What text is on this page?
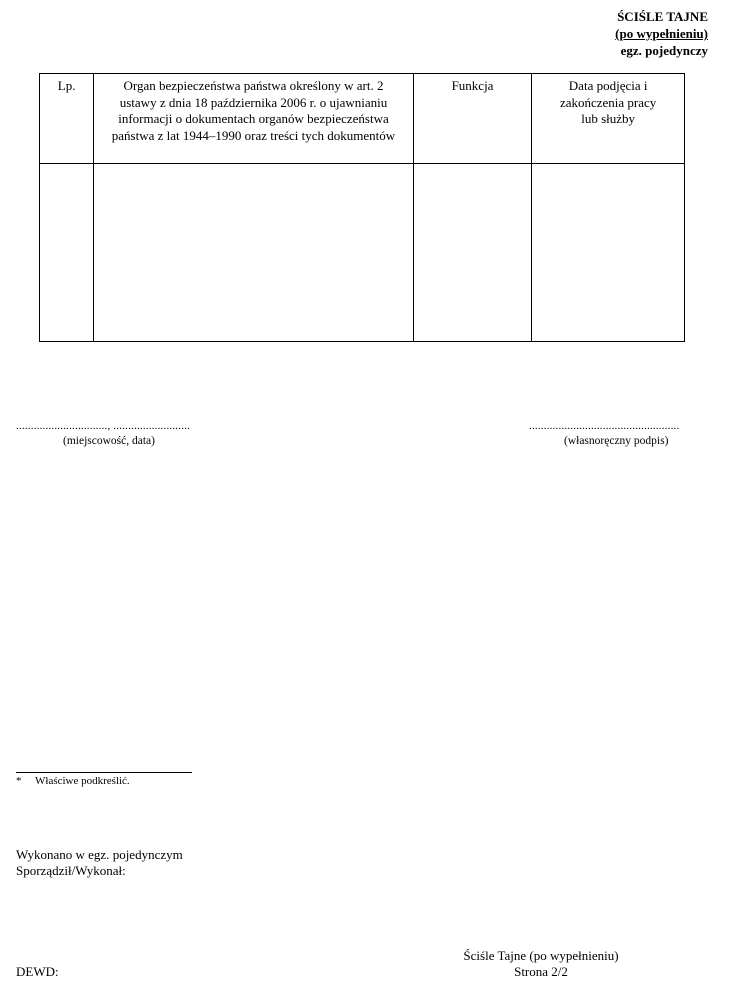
ŚCIŚLE TAJNE
(po wypełnieniu)
egz. pojedynczy
Lp.	Organ bezpieczeństwa państwa określony w art. 2 ustawy z dnia 18 października 2006 r. o ujawnianiu informacji o dokumentach organów bezpieczeństwa państwa z lat 1944–1990 oraz treści tych dokumentów	Funkcja	Data podjęcia i zakończenia pracy lub służby

..............................., ..........................
(miejscowość, data)
...................................................
(własnoręczny podpis)
* Właściwe podkreślić.
Wykonano w egz. pojedynczym
Sporządził/Wykonał:
DEWD:
Ściśle Tajne (po wypełnieniu)
Strona 2/2
